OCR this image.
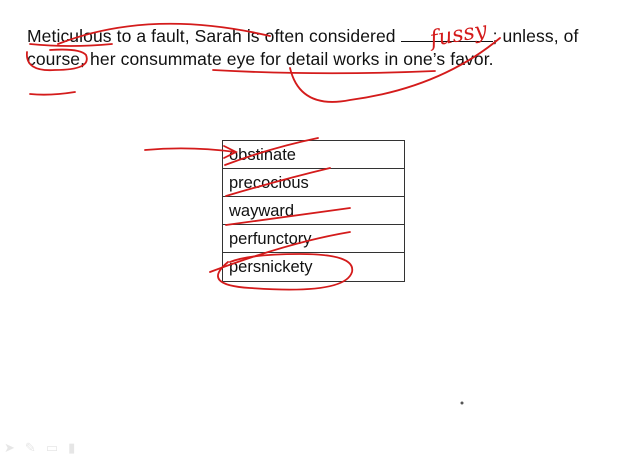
Meticulous to a fault, Sarah is often considered	; unless, of course, her consummate eye for detail works in one’s favor.
obstinate
precocious
wayward
perfunctory
persnickety
fussy
➤ ✎ ▭ ▮
